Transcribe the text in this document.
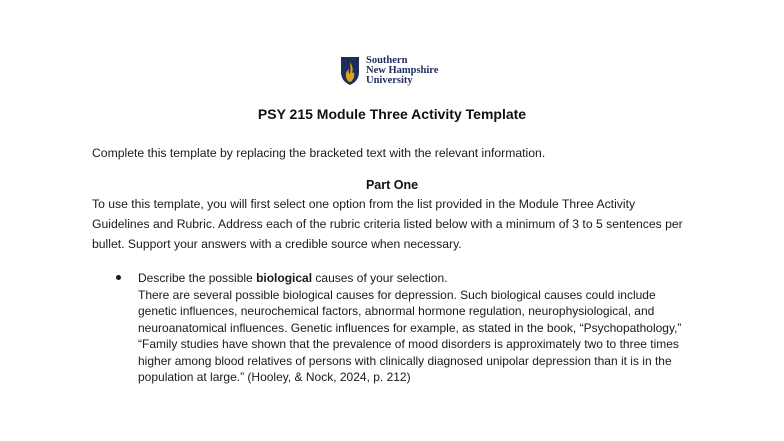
Southern
New Hampshire
University
PSY 215 Module Three Activity Template
Complete this template by replacing the bracketed text with the relevant information.
Part One
To use this template, you will first select one option from the list provided in the Module Three Activity Guidelines and Rubric. Address each of the rubric criteria listed below with a minimum of 3 to 5 sentences per bullet. Support your answers with a credible source when necessary.
Describe the possible biological causes of your selection.
There are several possible biological causes for depression. Such biological causes could include genetic influences, neurochemical factors, abnormal hormone regulation, neurophysiological, and neuroanatomical influences. Genetic influences for example, as stated in the book, “Psychopathology,” “Family studies have shown that the prevalence of mood disorders is approximately two to three times higher among blood relatives of persons with clinically diagnosed unipolar depression than it is in the population at large.” (Hooley, & Nock, 2024, p. 212)
